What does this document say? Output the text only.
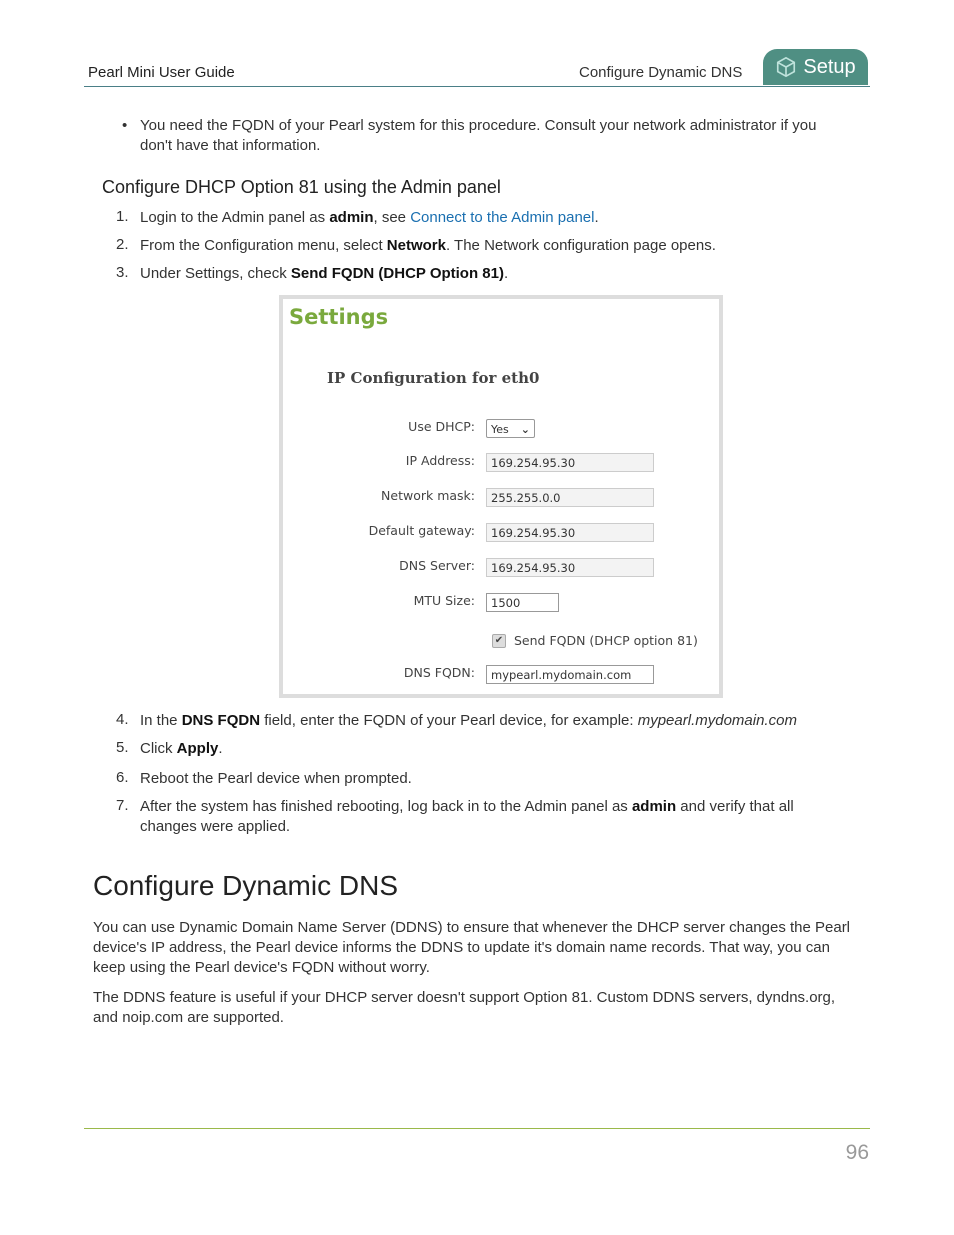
Pearl Mini User Guide	Configure Dynamic DNS	Setup
• You need the FQDN of your Pearl system for this procedure. Consult your network administrator if you don't have that information.
Configure DHCP Option 81 using the Admin panel
1. Login to the Admin panel as admin, see Connect to the Admin panel.
2. From the Configuration menu, select Network. The Network configuration page opens.
3. Under Settings, check Send FQDN (DHCP Option 81).
Settings
IP Configuration for eth0
Use DHCP:	Yes ⌄
IP Address:	169.254.95.30
Network mask:	255.255.0.0
Default gateway:	169.254.95.30
DNS Server:	169.254.95.30
MTU Size:	1500
✔ Send FQDN (DHCP option 81)
DNS FQDN:	mypearl.mydomain.com
4. In the DNS FQDN field, enter the FQDN of your Pearl device, for example: mypearl.mydomain.com
5. Click Apply.
6. Reboot the Pearl device when prompted.
7. After the system has finished rebooting, log back in to the Admin panel as admin and verify that all changes were applied.
Configure Dynamic DNS
You can use Dynamic Domain Name Server (DDNS) to ensure that whenever the DHCP server changes the Pearl device's IP address, the Pearl device informs the DDNS to update it's domain name records. That way, you can keep using the Pearl device's FQDN without worry.
The DDNS feature is useful if your DHCP server doesn't support Option 81. Custom DDNS servers, dyndns.org, and noip.com are supported.
96
